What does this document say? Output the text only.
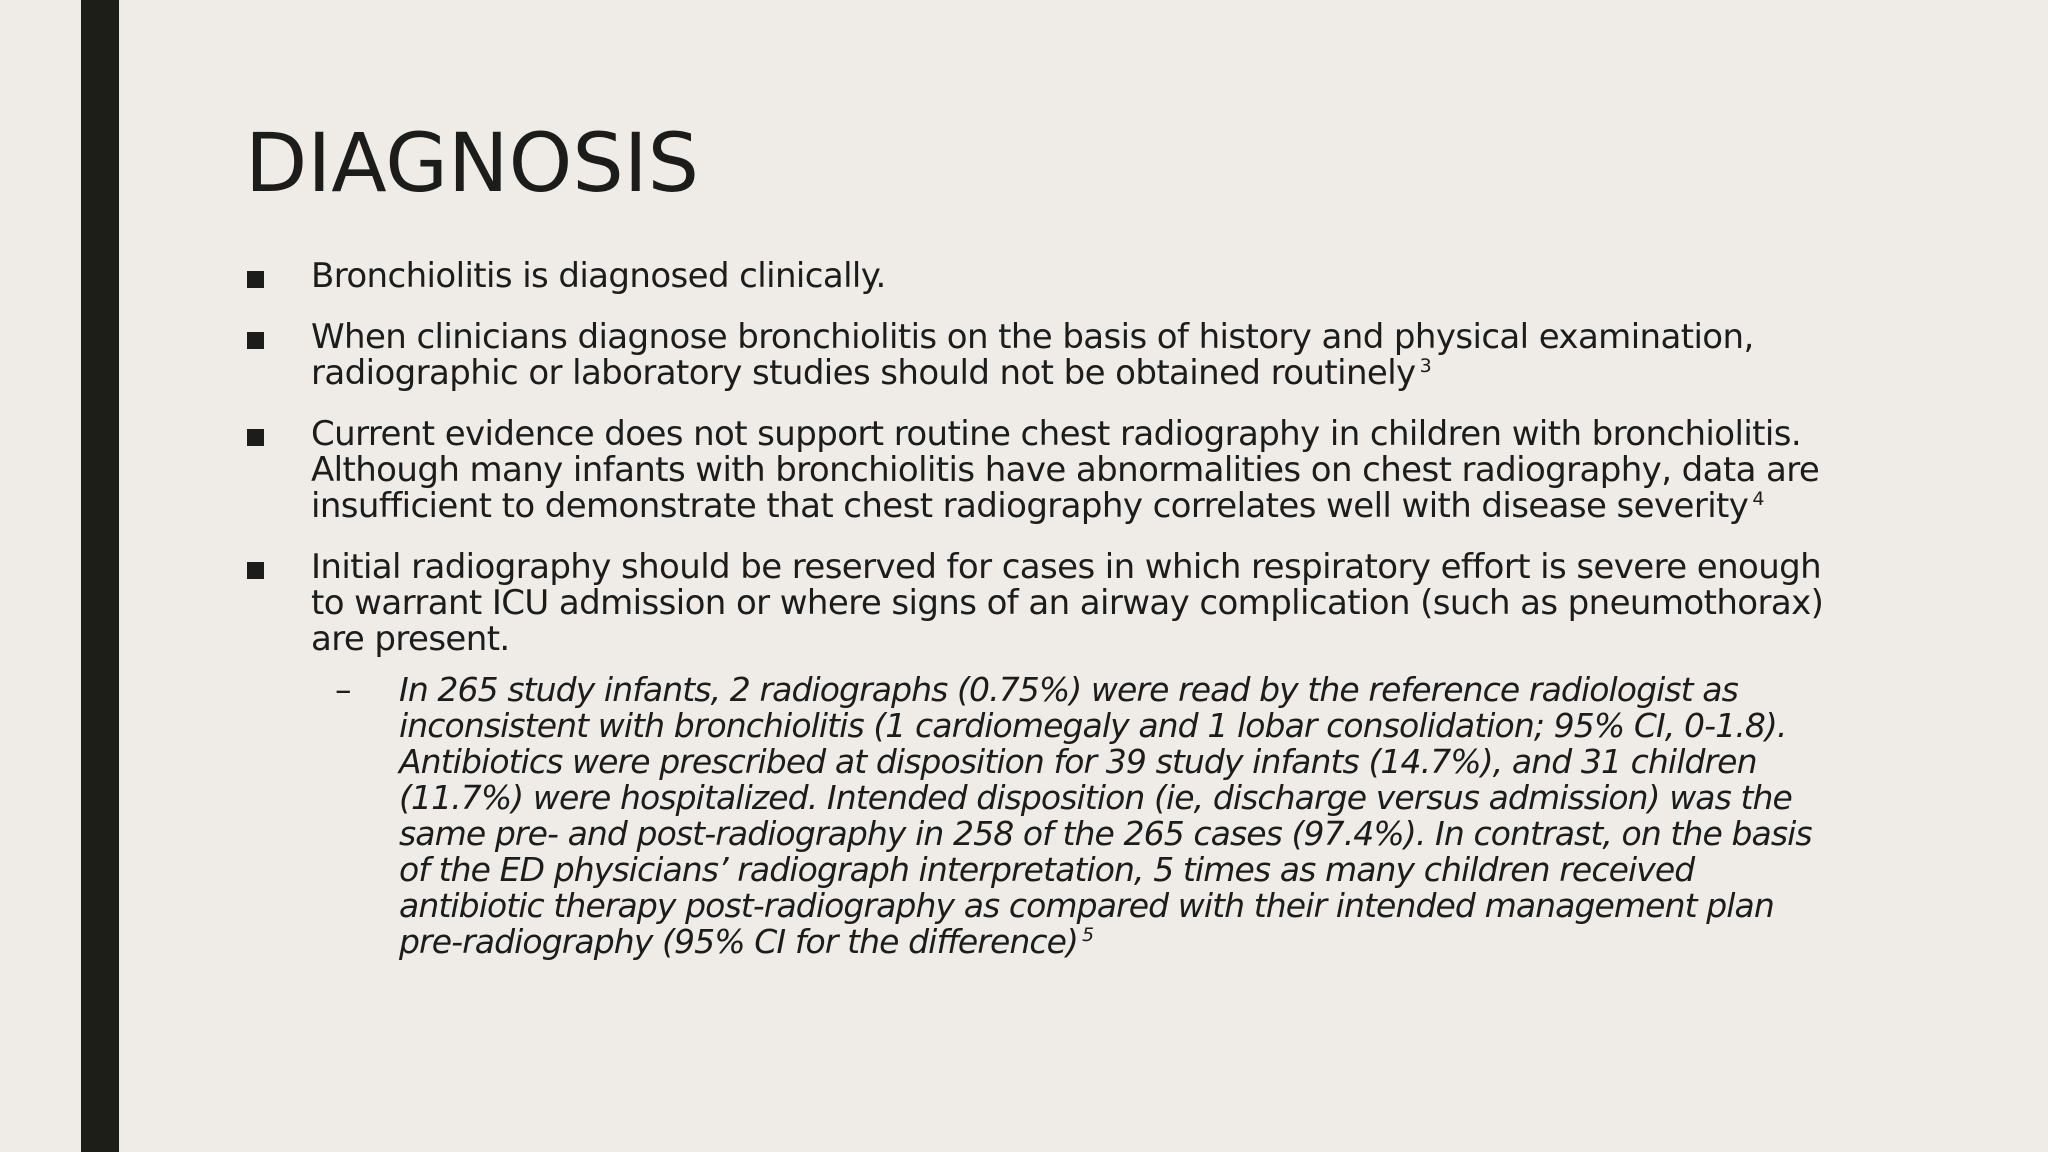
DIAGNOSIS
Bronchiolitis is diagnosed clinically.
When clinicians diagnose bronchiolitis on the basis of history and physical examination, radiographic or laboratory studies should not be obtained routinely $^3$
Current evidence does not support routine chest radiography in children with bronchiolitis. Although many infants with bronchiolitis have abnormalities on chest radiography, data are insufficient to demonstrate that chest radiography correlates well with disease severity $^4$
Initial radiography should be reserved for cases in which respiratory effort is severe enough to warrant ICU admission or where signs of an airway complication (such as pneumothorax) are present.
– In 265 study infants, 2 radiographs (0.75%) were read by the reference radiologist as inconsistent with bronchiolitis (1 cardiomegaly and 1 lobar consolidation; 95% CI, 0-1.8). Antibiotics were prescribed at disposition for 39 study infants (14.7%), and 31 children (11.7%) were hospitalized. Intended disposition (ie, discharge versus admission) was the same pre- and post-radiography in 258 of the 265 cases (97.4%). In contrast, on the basis of the ED physicians’ radiograph interpretation, 5 times as many children received antibiotic therapy post-radiography as compared with their intended management plan pre-radiography (95% CI for the difference) $^5$
